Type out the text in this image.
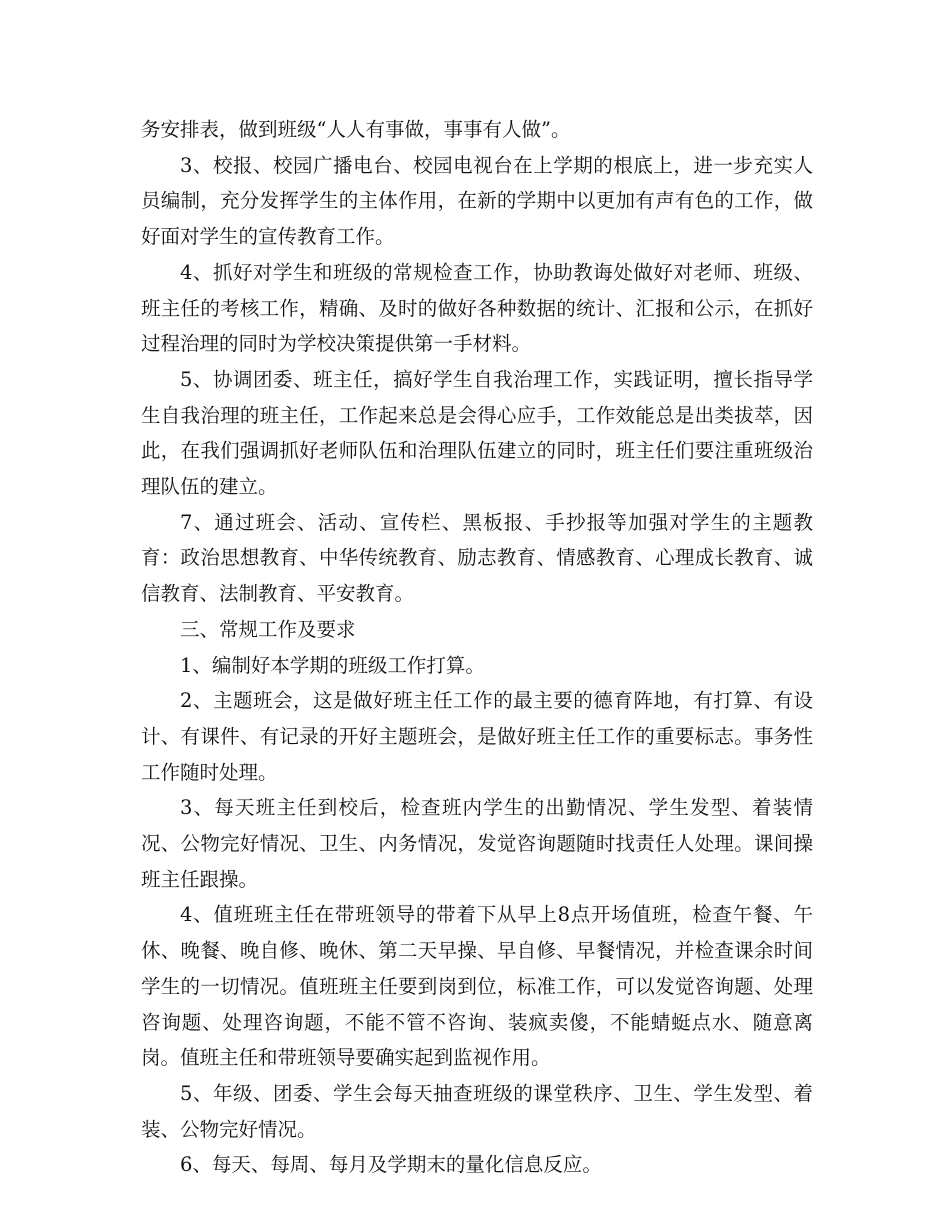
务安排表，做到班级“人人有事做，事事有人做”。

3、校报、校园广播电台、校园电视台在上学期的根底上，进一步充实人员编制，充分发挥学生的主体作用，在新的学期中以更加有声有色的工作，做好面对学生的宣传教育工作。

4、抓好对学生和班级的常规检查工作，协助教诲处做好对老师、班级、班主任的考核工作，精确、及时的做好各种数据的统计、汇报和公示，在抓好过程治理的同时为学校决策提供第一手材料。

5、协调团委、班主任，搞好学生自我治理工作，实践证明，擅长指导学生自我治理的班主任，工作起来总是会得心应手，工作效能总是出类拔萃，因此，在我们强调抓好老师队伍和治理队伍建立的同时，班主任们要注重班级治理队伍的建立。

7、通过班会、活动、宣传栏、黑板报、手抄报等加强对学生的主题教育：政治思想教育、中华传统教育、励志教育、情感教育、心理成长教育、诚信教育、法制教育、平安教育。

三、常规工作及要求

1、编制好本学期的班级工作打算。

2、主题班会，这是做好班主任工作的最主要的德育阵地，有打算、有设计、有课件、有记录的开好主题班会，是做好班主任工作的重要标志。事务性工作随时处理。

3、每天班主任到校后，检查班内学生的出勤情况、学生发型、着装情况、公物完好情况、卫生、内务情况，发觉咨询题随时找责任人处理。课间操班主任跟操。

4、值班班主任在带班领导的带着下从早上8点开场值班，检查午餐、午休、晚餐、晚自修、晚休、第二天早操、早自修、早餐情况，并检查课余时间学生的一切情况。值班班主任要到岗到位，标准工作，可以发觉咨询题、处理咨询题、处理咨询题，不能不管不咨询、装疯卖傻，不能蜻蜓点水、随意离岗。值班主任和带班领导要确实起到监视作用。

5、年级、团委、学生会每天抽查班级的课堂秩序、卫生、学生发型、着装、公物完好情况。

6、每天、每周、每月及学期末的量化信息反应。
